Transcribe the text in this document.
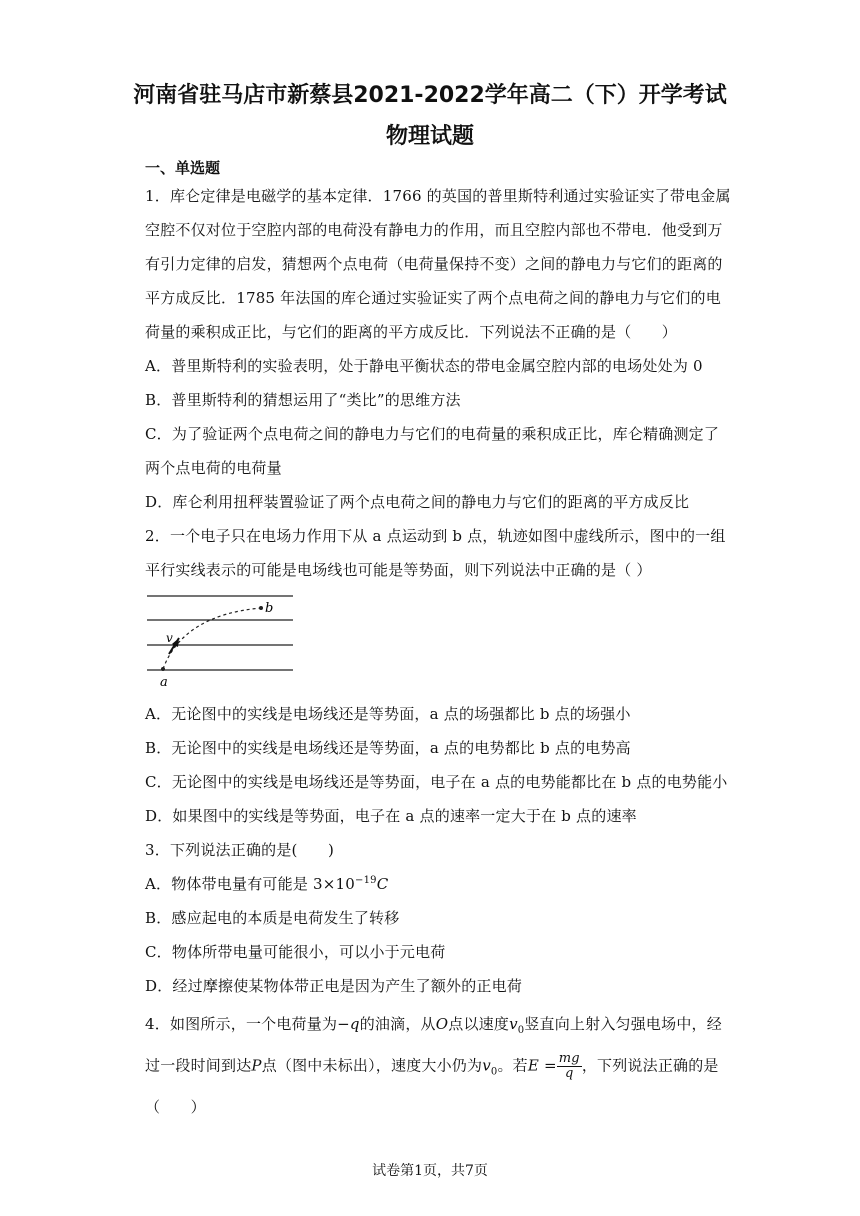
河南省驻马店市新蔡县2021-2022学年高二（下）开学考试
物理试题
一、单选题
1．库仑定律是电磁学的基本定律．1766 的英国的普里斯特利通过实验证实了带电金属
空腔不仅对位于空腔内部的电荷没有静电力的作用，而且空腔内部也不带电．他受到万
有引力定律的启发，猜想两个点电荷（电荷量保持不变）之间的静电力与它们的距离的
平方成反比．1785 年法国的库仑通过实验证实了两个点电荷之间的静电力与它们的电
荷量的乘积成正比，与它们的距离的平方成反比．下列说法不正确的是（　　）
A．普里斯特利的实验表明，处于静电平衡状态的带电金属空腔内部的电场处处为 0
B．普里斯特利的猜想运用了“类比”的思维方法
C．为了验证两个点电荷之间的静电力与它们的电荷量的乘积成正比，库仑精确测定了
两个点电荷的电荷量
D．库仑利用扭秤装置验证了两个点电荷之间的静电力与它们的距离的平方成反比
2．一个电子只在电场力作用下从 a 点运动到 b 点，轨迹如图中虚线所示，图中的一组
平行实线表示的可能是电场线也可能是等势面，则下列说法中正确的是（ ）
a
b
v
A．无论图中的实线是电场线还是等势面，a 点的场强都比 b 点的场强小
B．无论图中的实线是电场线还是等势面，a 点的电势都比 b 点的电势高
C．无论图中的实线是电场线还是等势面，电子在 a 点的电势能都比在 b 点的电势能小
D．如果图中的实线是等势面，电子在 a 点的速率一定大于在 b 点的速率
3．下列说法正确的是(　　)
A．物体带电量有可能是 $3\times 10^{-19}C$
B．感应起电的本质是电荷发生了转移
C．物体所带电量可能很小，可以小于元电荷
D．经过摩擦使某物体带正电是因为产生了额外的正电荷
4．如图所示，一个电荷量为−q的油滴，从O点以速度$v_0$竖直向上射入匀强电场中，经
过一段时间到达P点（图中未标出），速度大小仍为$v_0$。若$E = \frac{mg}{q}$ ，下列说法正确的是
（　　）
试卷第1页，共7页
